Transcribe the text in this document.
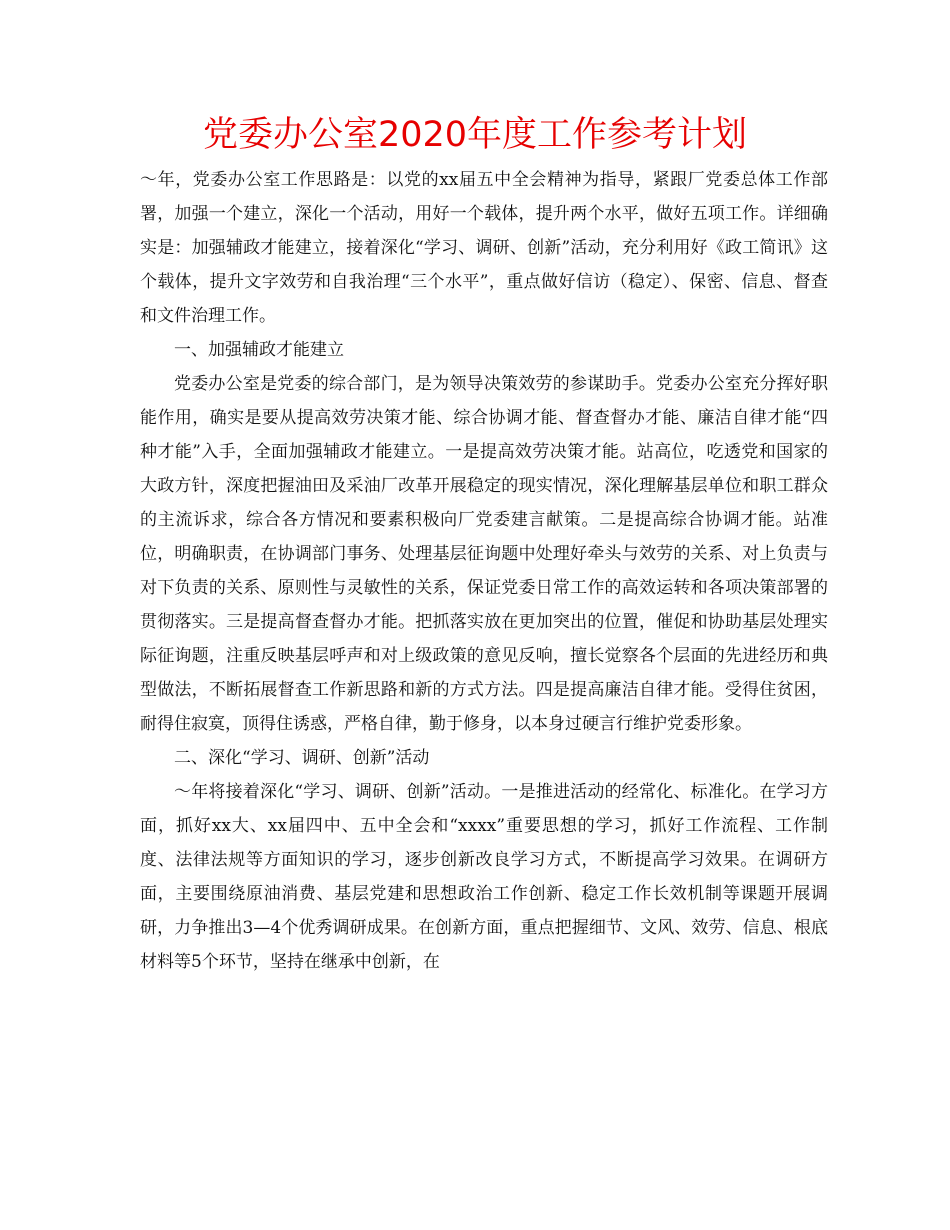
党委办公室2020年度工作参考计划

～年，党委办公室工作思路是：以党的xx届五中全会精神为指导，紧跟厂党委总体工作部署，加强一个建立，深化一个活动，用好一个载体，提升两个水平，做好五项工作。详细确实是：加强辅政才能建立，接着深化“学习、调研、创新”活动，充分利用好《政工简讯》这个载体，提升文字效劳和自我治理“三个水平”，重点做好信访（稳定）、保密、信息、督查和文件治理工作。

一、加强辅政才能建立

党委办公室是党委的综合部门，是为领导决策效劳的参谋助手。党委办公室充分挥好职能作用，确实是要从提高效劳决策才能、综合协调才能、督查督办才能、廉洁自律才能“四种才能”入手，全面加强辅政才能建立。一是提高效劳决策才能。站高位，吃透党和国家的大政方针，深度把握油田及采油厂改革开展稳定的现实情况，深化理解基层单位和职工群众的主流诉求，综合各方情况和要素积极向厂党委建言献策。二是提高综合协调才能。站准位，明确职责，在协调部门事务、处理基层征询题中处理好牵头与效劳的关系、对上负责与对下负责的关系、原则性与灵敏性的关系，保证党委日常工作的高效运转和各项决策部署的贯彻落实。三是提高督查督办才能。把抓落实放在更加突出的位置，催促和协助基层处理实际征询题，注重反映基层呼声和对上级政策的意见反响，擅长觉察各个层面的先进经历和典型做法，不断拓展督查工作新思路和新的方式方法。四是提高廉洁自律才能。受得住贫困，耐得住寂寞，顶得住诱惑，严格自律，勤于修身，以本身过硬言行维护党委形象。

二、深化“学习、调研、创新”活动

～年将接着深化“学习、调研、创新”活动。一是推进活动的经常化、标准化。在学习方面，抓好xx大、xx届四中、五中全会和“xxxx”重要思想的学习，抓好工作流程、工作制度、法律法规等方面知识的学习，逐步创新改良学习方式，不断提高学习效果。在调研方面，主要围绕原油消费、基层党建和思想政治工作创新、稳定工作长效机制等课题开展调研，力争推出3—4个优秀调研成果。在创新方面，重点把握细节、文风、效劳、信息、根底材料等5个环节，坚持在继承中创新，在
